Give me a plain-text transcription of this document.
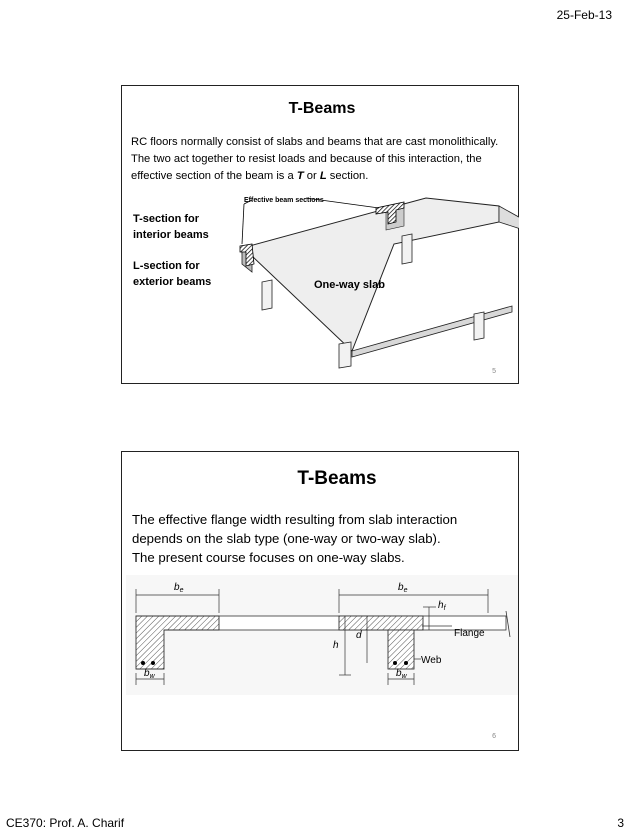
25-Feb-13
T-Beams
RC floors normally consist of slabs and beams that are cast monolithically. The two act together to resist loads and because of this interaction, the effective section of the beam is a T or L section.
T-section for
interior beams
L-section for
exterior beams
Effective beam sections
One-way slab
5
T-Beams
The effective flange width resulting from slab interaction
depends on the slab type (one-way or two-way slab).
The present course focuses on one-way slabs.
$b_e$	$b_e$
$h_f$
h
d	Flange
Web
$b_w$	$b_w$
6
CE370: Prof. A. Charif	3
